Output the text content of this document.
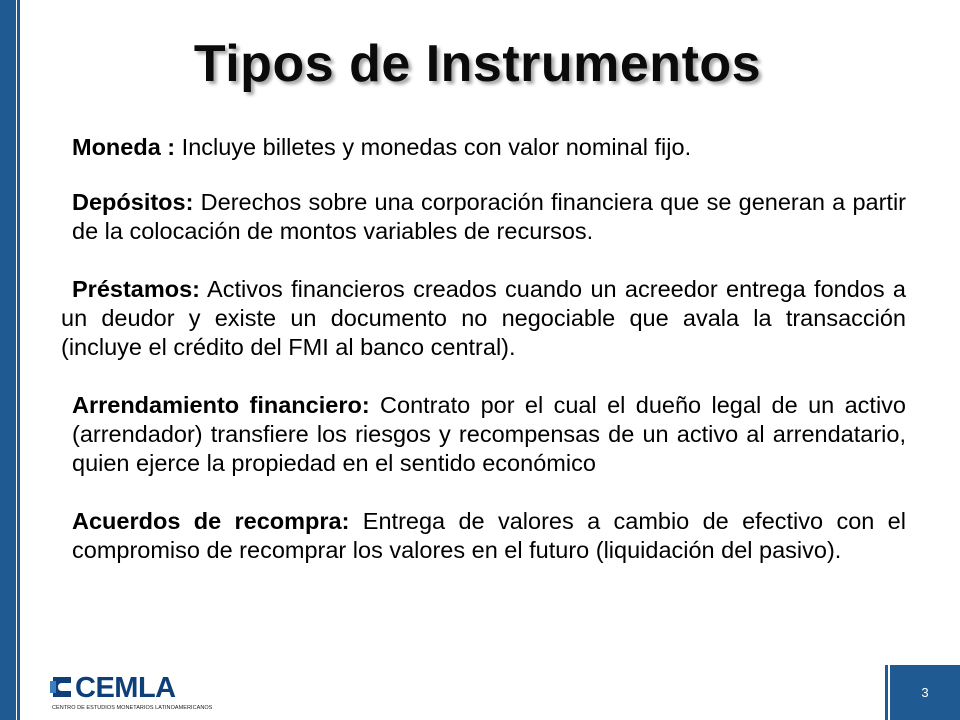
Tipos de Instrumentos

Moneda : Incluye billetes y monedas con valor nominal fijo.

Depósitos: Derechos sobre una corporación financiera que se generan a partir de la colocación de montos variables de recursos.

Préstamos: Activos financieros creados cuando un acreedor entrega fondos a un deudor y existe un documento no negociable que avala la transacción (incluye el crédito del FMI al banco central).

Arrendamiento financiero: Contrato por el cual el dueño legal de un activo (arrendador) transfiere los riesgos y recompensas de un activo al arrendatario, quien ejerce la propiedad en el sentido económico

Acuerdos de recompra: Entrega de valores a cambio de efectivo con el compromiso de recomprar los valores en el futuro (liquidación del pasivo).

CEMLA
CENTRO DE ESTUDIOS MONETARIOS LATINOAMERICANOS
3
